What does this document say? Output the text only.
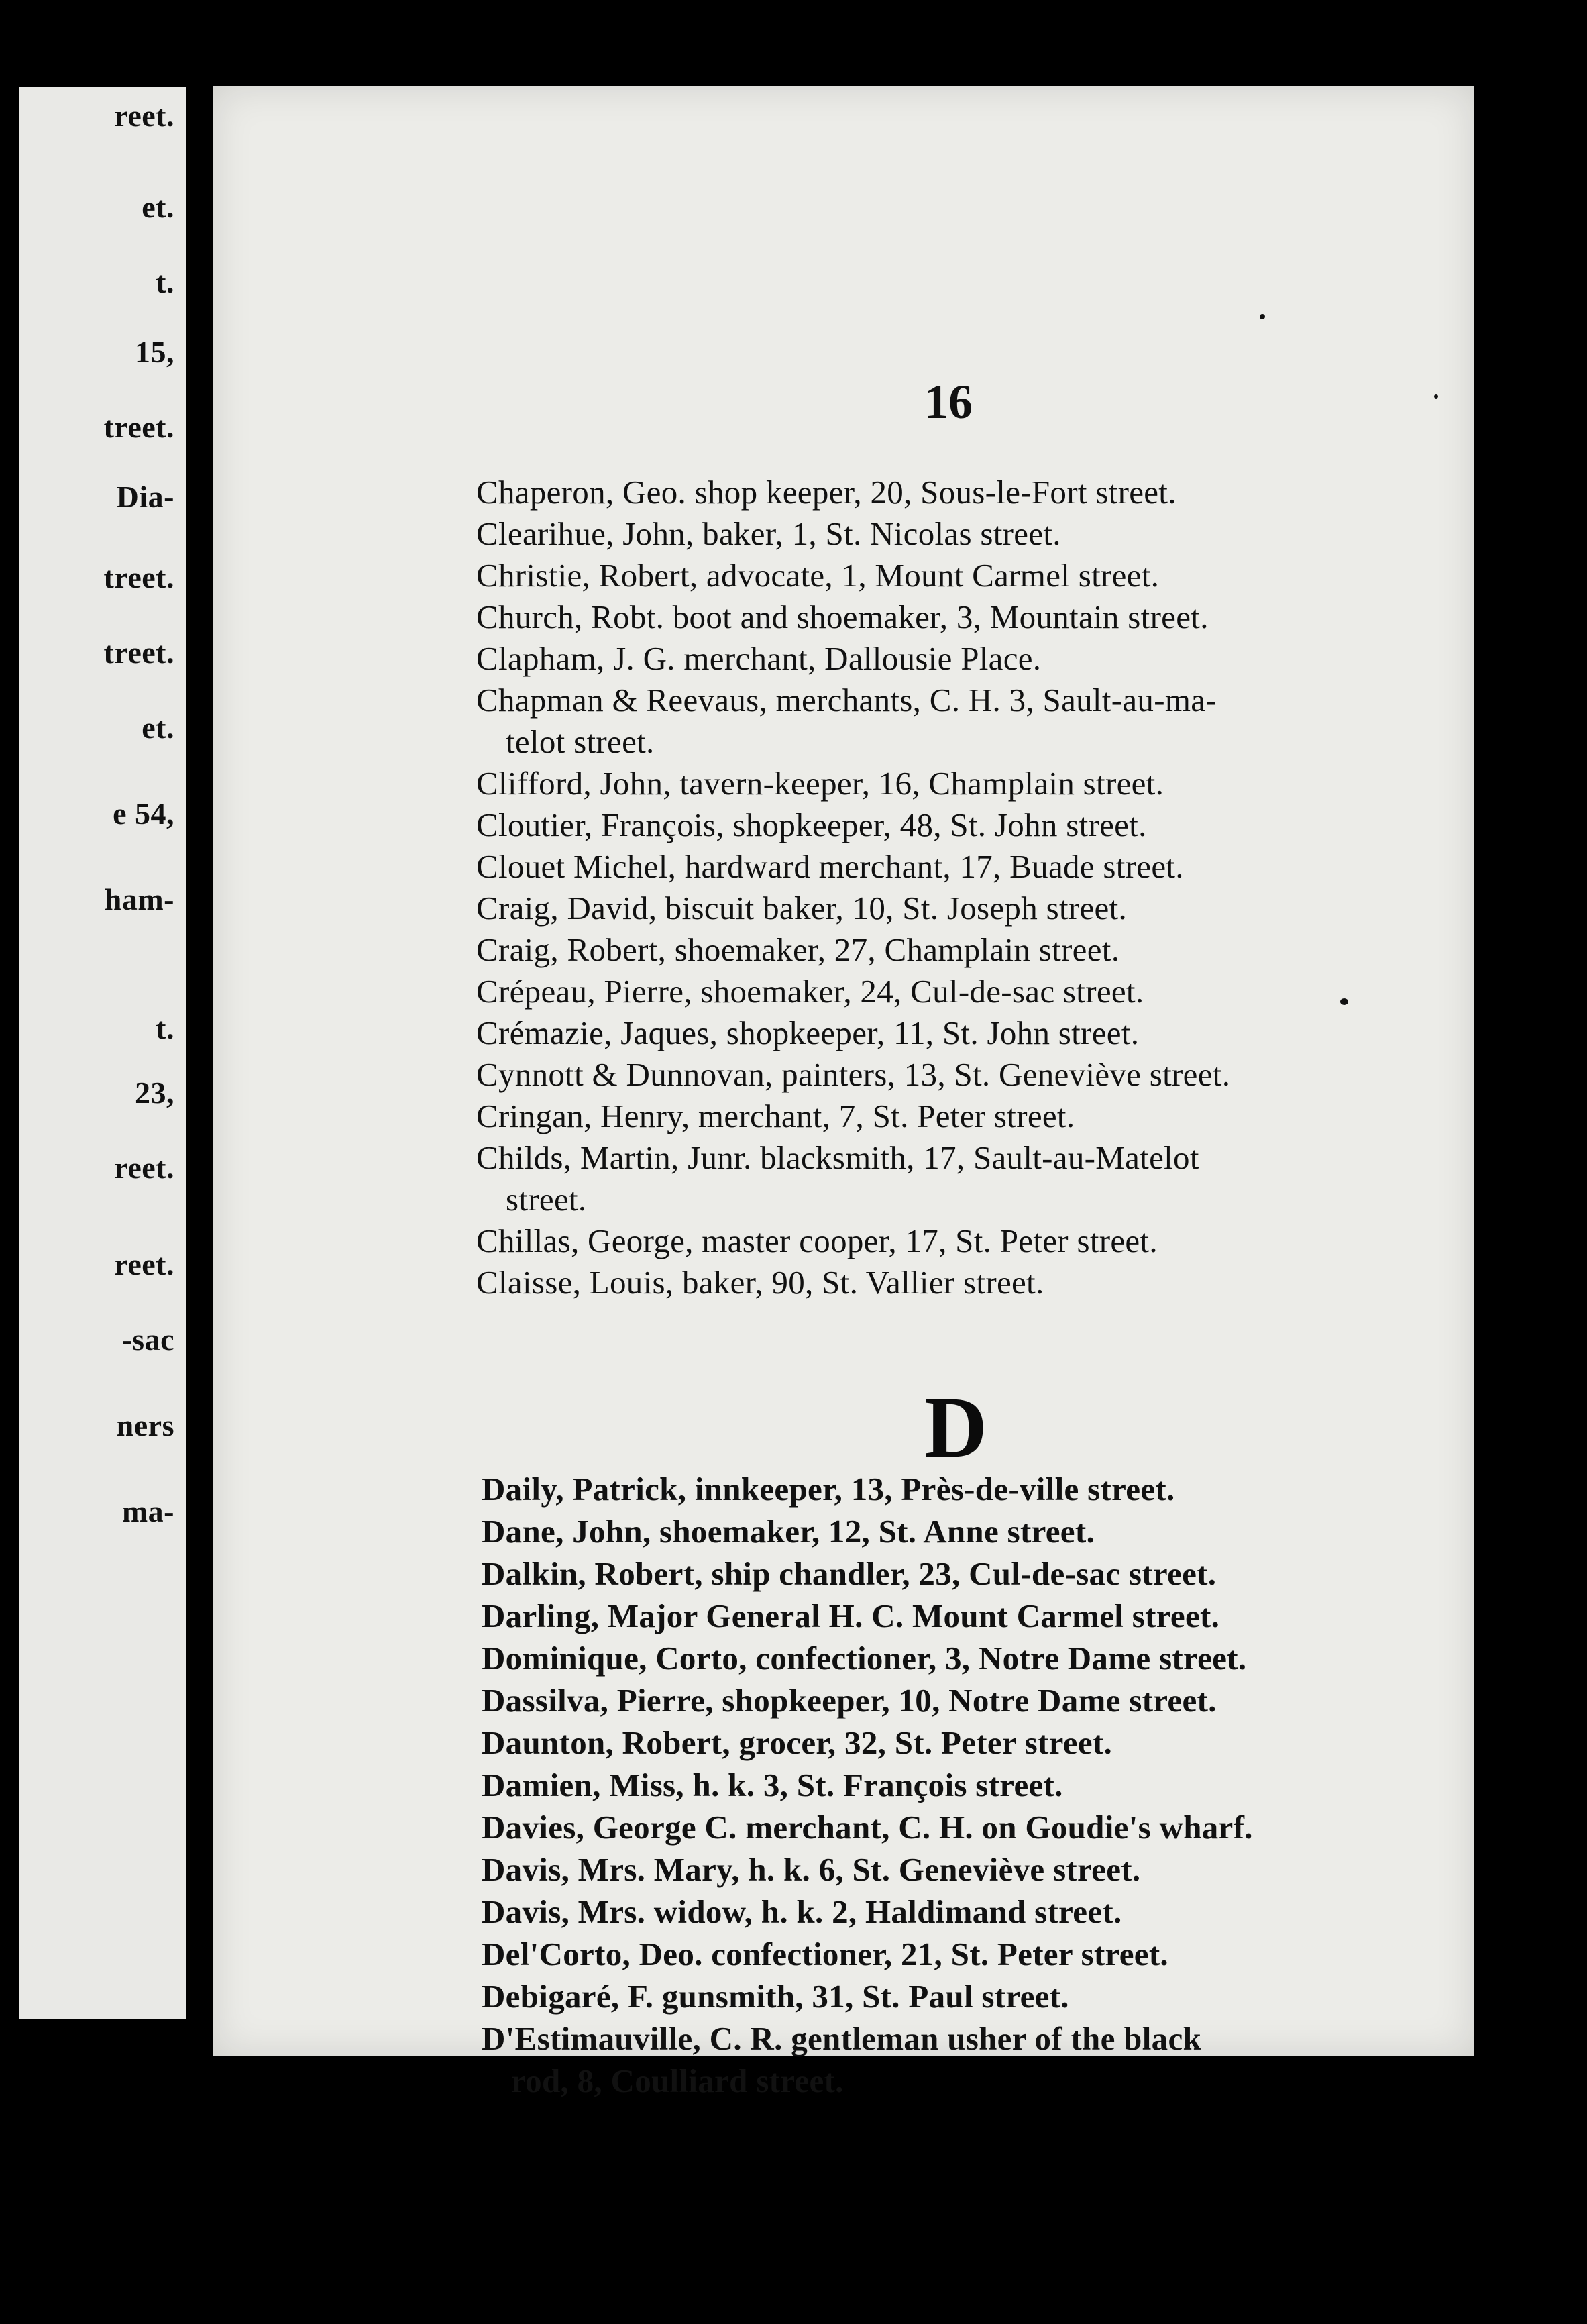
reet.
et.
t.
15,
treet.
Dia-
treet.
treet.
et.
e 54,
ham-
t.
23,
reet.
reet.
-sac
ners
ma-
16
Chaperon, Geo. shop keeper, 20, Sous-le-Fort street.
Clearihue, John, baker, 1, St. Nicolas street.
Christie, Robert, advocate, 1, Mount Carmel street.
Church, Robt. boot and shoemaker, 3, Mountain street.
Clapham, J. G. merchant, Dallousie Place.
Chapman & Reevaus, merchants, C. H. 3, Sault-au-ma-
telot street.
Clifford, John, tavern-keeper, 16, Champlain street.
Cloutier, François, shopkeeper, 48, St. John street.
Clouet Michel, hardward merchant, 17, Buade street.
Craig, David, biscuit baker, 10, St. Joseph street.
Craig, Robert, shoemaker, 27, Champlain street.
Crépeau, Pierre, shoemaker, 24, Cul-de-sac street.
Crémazie, Jaques, shopkeeper, 11, St. John street.
Cynnott & Dunnovan, painters, 13, St. Geneviève street.
Cringan, Henry, merchant, 7, St. Peter street.
Childs, Martin, Junr. blacksmith, 17, Sault-au-Matelot
street.
Chillas, George, master cooper, 17, St. Peter street.
Claisse, Louis, baker, 90, St. Vallier street.
D
Daily, Patrick, innkeeper, 13, Près-de-ville street.
Dane, John, shoemaker, 12, St. Anne street.
Dalkin, Robert, ship chandler, 23, Cul-de-sac street.
Darling, Major General H. C. Mount Carmel street.
Dominique, Corto, confectioner, 3, Notre Dame street.
Dassilva, Pierre, shopkeeper, 10, Notre Dame street.
Daunton, Robert, grocer, 32, St. Peter street.
Damien, Miss, h. k. 3, St. François street.
Davies, George C. merchant, C. H. on Goudie's wharf.
Davis, Mrs. Mary, h. k. 6, St. Geneviève street.
Davis, Mrs. widow, h. k. 2, Haldimand street.
Del'Corto, Deo. confectioner, 21, St. Peter street.
Debigaré, F. gunsmith, 31, St. Paul street.
D'Estimauville, C. R. gentleman usher of the black
rod, 8, Coulliard street.
